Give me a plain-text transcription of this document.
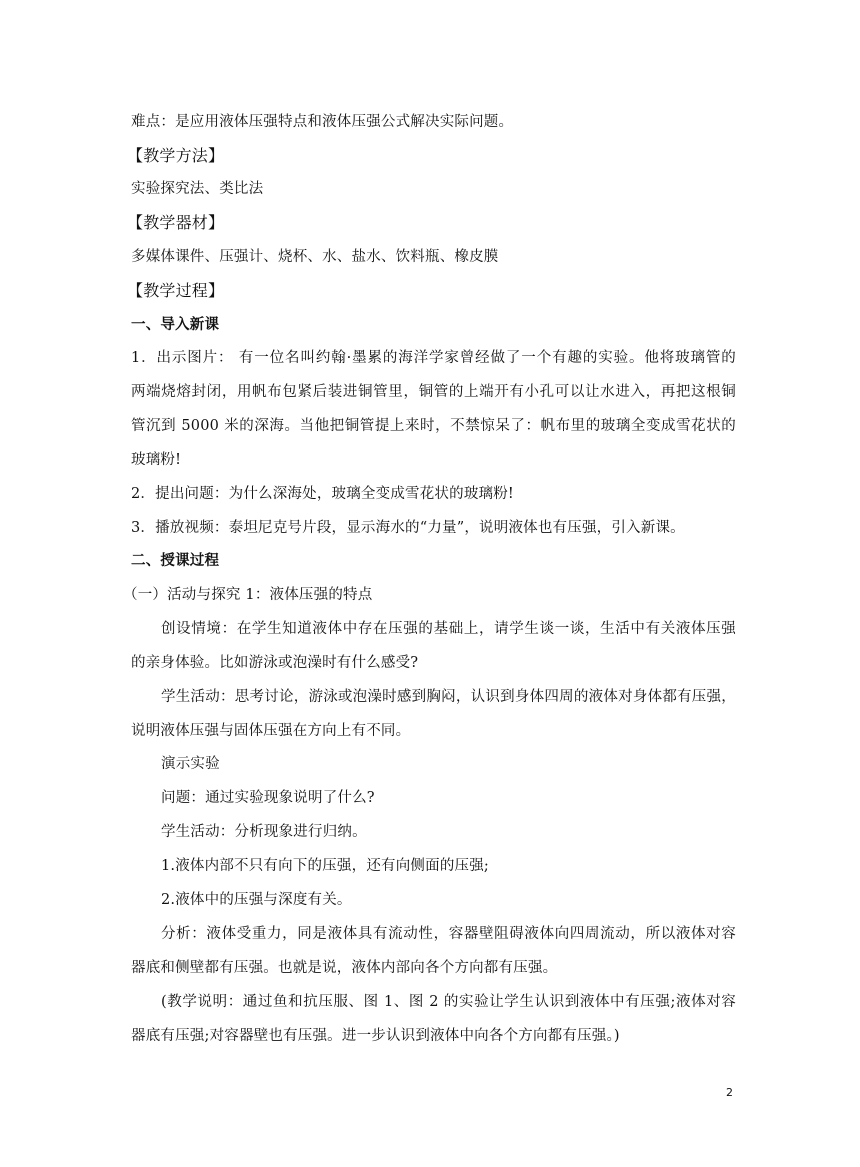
难点：是应用液体压强特点和液体压强公式解决实际问题。
【教学方法】
实验探究法、类比法
【教学器材】
多媒体课件、压强计、烧杯、水、盐水、饮料瓶、橡皮膜
【教学过程】
一、导入新课
1．出示图片： 有一位名叫约翰·墨累的海洋学家曾经做了一个有趣的实验。他将玻璃管的
两端烧熔封闭，用帆布包紧后装进铜管里，铜管的上端开有小孔可以让水进入，再把这根铜
管沉到 5000 米的深海。当他把铜管提上来时，不禁惊呆了：帆布里的玻璃全变成雪花状的
玻璃粉!
2．提出问题：为什么深海处，玻璃全变成雪花状的玻璃粉!
3．播放视频：泰坦尼克号片段，显示海水的“力量”，说明液体也有压强，引入新课。
二、授课过程
（一）活动与探究 1：液体压强的特点
创设情境：在学生知道液体中存在压强的基础上，请学生谈一谈，生活中有关液体压强
的亲身体验。比如游泳或泡澡时有什么感受?
学生活动：思考讨论，游泳或泡澡时感到胸闷，认识到身体四周的液体对身体都有压强，
说明液体压强与固体压强在方向上有不同。
演示实验
问题：通过实验现象说明了什么?
学生活动：分析现象进行归纳。
1.液体内部不只有向下的压强，还有向侧面的压强;
2.液体中的压强与深度有关。
分析：液体受重力，同是液体具有流动性，容器壁阻碍液体向四周流动，所以液体对容
器底和侧壁都有压强。也就是说，液体内部向各个方向都有压强。
(教学说明：通过鱼和抗压服、图 1、图 2 的实验让学生认识到液体中有压强;液体对容
器底有压强;对容器壁也有压强。进一步认识到液体中向各个方向都有压强。)
2
